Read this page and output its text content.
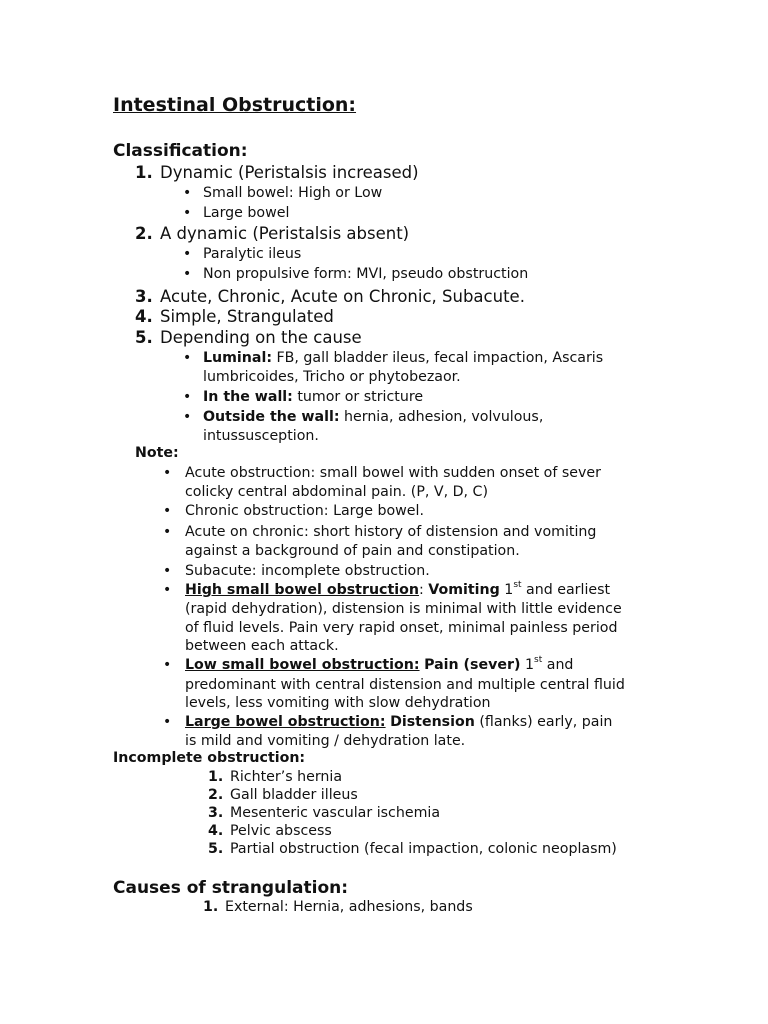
Intestinal Obstruction:
Classification:
1. Dynamic (Peristalsis increased)
• Small bowel: High or Low
• Large bowel
2. A dynamic (Peristalsis absent)
• Paralytic ileus
• Non propulsive form: MVI, pseudo obstruction
3. Acute, Chronic, Acute on Chronic, Subacute.
4. Simple, Strangulated
5. Depending on the cause
• Luminal: FB, gall bladder ileus, fecal impaction, Ascaris
lumbricoides, Tricho or phytobezaor.
• In the wall: tumor or stricture
• Outside the wall: hernia, adhesion, volvulous,
intussusception.
Note:
• Acute obstruction: small bowel with sudden onset of sever
colicky central abdominal pain. (P, V, D, C)
• Chronic obstruction: Large bowel.
• Acute on chronic: short history of distension and vomiting
against a background of pain and constipation.
• Subacute: incomplete obstruction.
• High small bowel obstruction: Vomiting 1st and earliest
(rapid dehydration), distension is minimal with little evidence
of fluid levels. Pain very rapid onset, minimal painless period
between each attack.
• Low small bowel obstruction: Pain (sever) 1st and
predominant with central distension and multiple central fluid
levels, less vomiting with slow dehydration
• Large bowel obstruction: Distension (flanks) early, pain
is mild and vomiting / dehydration late.
Incomplete obstruction:
1. Richter’s hernia
2. Gall bladder illeus
3. Mesenteric vascular ischemia
4. Pelvic abscess
5. Partial obstruction (fecal impaction, colonic neoplasm)
Causes of strangulation:
1. External: Hernia, adhesions, bands
